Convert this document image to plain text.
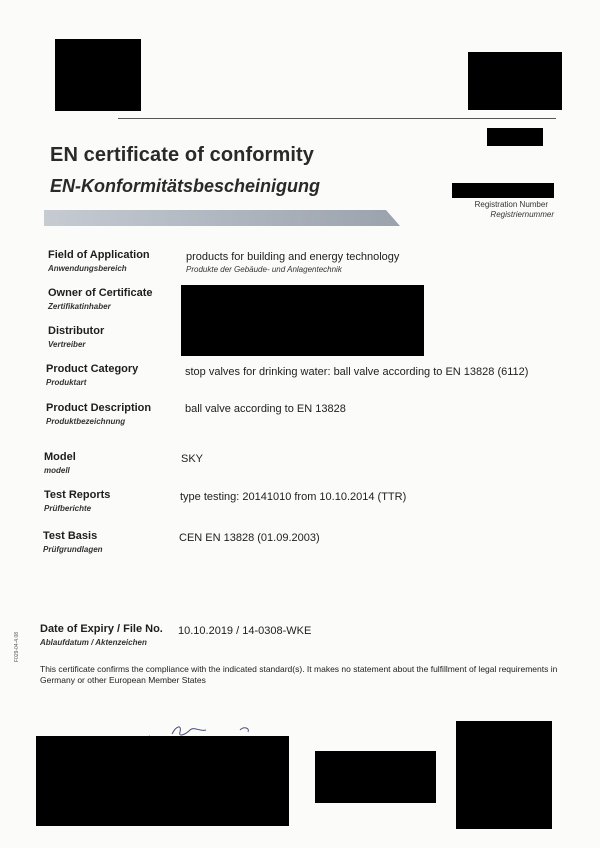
EN certificate of conformity
EN-Konformitätsbescheinigung
Registration Number
Registriernummer
Field of Application
Anwendungsbereich
products for building and energy technology
Produkte der Gebäude- und Anlagentechnik
Owner of Certificate
Zertifikatinhaber
Distributor
Vertreiber
Product Category
Produktart
stop valves for drinking water: ball valve according to EN 13828 (6112)
Product Description
Produktbezeichnung
ball valve according to EN 13828
Model
modell
SKY
Test Reports
Prüfberichte
type testing: 20141010 from 10.10.2014 (TTR)
Test Basis
Prüfgrundlagen
CEN EN 13828 (01.09.2003)
Date of Expiry / File No.
Ablaufdatum / Aktenzeichen
10.10.2019 / 14-0308-WKE
F029-04-4.08
This certificate confirms the compliance with the indicated standard(s). It makes no statement about the fulfillment of legal requirements in Germany or other European Member States
